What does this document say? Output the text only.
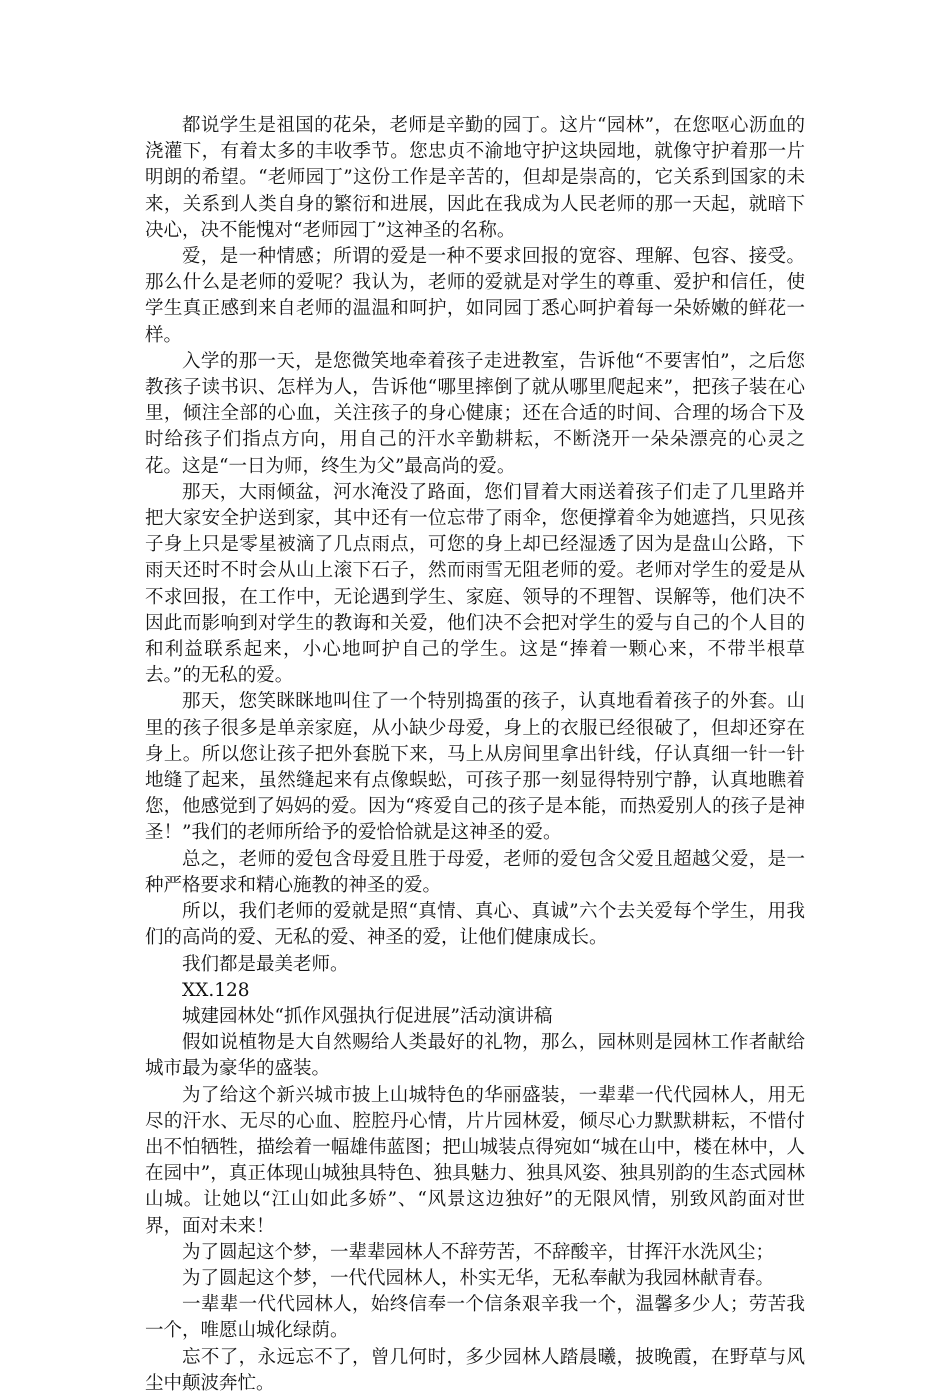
都说学生是祖国的花朵，老师是辛勤的园丁。这片“园林”，在您呕心沥血的浇灌下，有着太多的丰收季节。您忠贞不渝地守护这块园地，就像守护着那一片明朗的希望。“老师园丁”这份工作是辛苦的，但却是崇高的，它关系到国家的未来，关系到人类自身的繁衍和进展，因此在我成为人民老师的那一天起，就暗下决心，决不能愧对“老师园丁”这神圣的名称。

爱，是一种情感；所谓的爱是一种不要求回报的宽容、理解、包容、接受。那么什么是老师的爱呢？我认为，老师的爱就是对学生的尊重、爱护和信任，使学生真正感到来自老师的温温和呵护，如同园丁悉心呵护着每一朵娇嫩的鲜花一样。

入学的那一天，是您微笑地牵着孩子走进教室，告诉他“不要害怕”，之后您教孩子读书识、怎样为人，告诉他“哪里摔倒了就从哪里爬起来”，把孩子装在心里，倾注全部的心血，关注孩子的身心健康；还在合适的时间、合理的场合下及时给孩子们指点方向，用自己的汗水辛勤耕耘，不断浇开一朵朵漂亮的心灵之花。这是“一日为师，终生为父”最高尚的爱。

那天，大雨倾盆，河水淹没了路面，您们冒着大雨送着孩子们走了几里路并把大家安全护送到家，其中还有一位忘带了雨伞，您便撑着伞为她遮挡，只见孩子身上只是零星被滴了几点雨点，可您的身上却已经湿透了因为是盘山公路，下雨天还时不时会从山上滚下石子，然而雨雪无阻老师的爱。老师对学生的爱是从不求回报，在工作中，无论遇到学生、家庭、领导的不理智、误解等，他们决不因此而影响到对学生的教诲和关爱，他们决不会把对学生的爱与自己的个人目的和利益联系起来，小心地呵护自己的学生。这是“捧着一颗心来，不带半根草去。”的无私的爱。

那天，您笑眯眯地叫住了一个特别捣蛋的孩子，认真地看着孩子的外套。山里的孩子很多是单亲家庭，从小缺少母爱，身上的衣服已经很破了，但却还穿在身上。所以您让孩子把外套脱下来，马上从房间里拿出针线，仔认真细一针一针地缝了起来，虽然缝起来有点像蜈蚣，可孩子那一刻显得特别宁静，认真地瞧着您，他感觉到了妈妈的爱。因为“疼爱自己的孩子是本能，而热爱别人的孩子是神圣！”我们的老师所给予的爱恰恰就是这神圣的爱。

总之，老师的爱包含母爱且胜于母爱，老师的爱包含父爱且超越父爱，是一种严格要求和精心施教的神圣的爱。

所以，我们老师的爱就是照“真情、真心、真诚”六个去关爱每个学生，用我们的高尚的爱、无私的爱、神圣的爱，让他们健康成长。

我们都是最美老师。

XX.128

城建园林处“抓作风强执行促进展”活动演讲稿

假如说植物是大自然赐给人类最好的礼物，那么，园林则是园林工作者献给城市最为豪华的盛装。

为了给这个新兴城市披上山城特色的华丽盛装，一辈辈一代代园林人，用无尽的汗水、无尽的心血、腔腔丹心情，片片园林爱，倾尽心力默默耕耘，不惜付出不怕牺牲，描绘着一幅雄伟蓝图；把山城装点得宛如“城在山中，楼在林中，人在园中”，真正体现山城独具特色、独具魅力、独具风姿、独具别韵的生态式园林山城。让她以“江山如此多娇”、“风景这边独好”的无限风情，别致风韵面对世界，面对未来！

为了圆起这个梦，一辈辈园林人不辞劳苦，不辞酸辛，甘挥汗水洗风尘；

为了圆起这个梦，一代代园林人，朴实无华，无私奉献为我园林献青春。

一辈辈一代代园林人，始终信奉一个信条艰辛我一个，温馨多少人；劳苦我一个，唯愿山城化绿荫。

忘不了，永远忘不了，曾几何时，多少园林人踏晨曦，披晚霞，在野草与风尘中颠波奔忙。
